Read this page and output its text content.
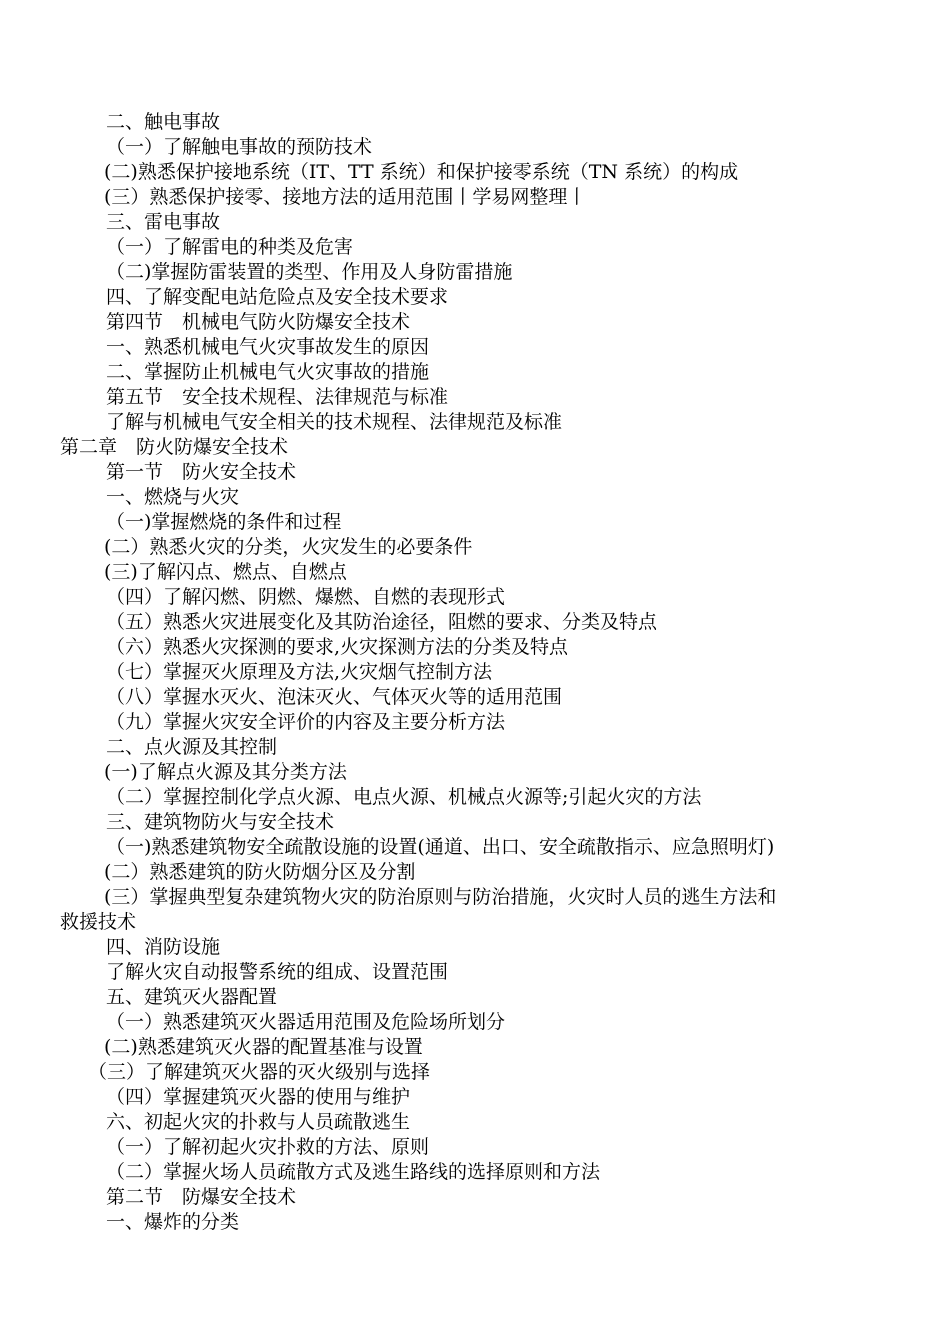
二、触电事故
（一）了解触电事故的预防技术
(二)熟悉保护接地系统（IT、TT 系统）和保护接零系统（TN 系统）的构成
(三）熟悉保护接零、接地方法的适用范围丨学易网整理丨
三、雷电事故
（一）了解雷电的种类及危害
（二)掌握防雷装置的类型、作用及人身防雷措施
四、了解变配电站危险点及安全技术要求
第四节　机械电气防火防爆安全技术
一、熟悉机械电气火灾事故发生的原因
二、掌握防止机械电气火灾事故的措施
第五节　安全技术规程、法律规范与标准
了解与机械电气安全相关的技术规程、法律规范及标准
第二章　防火防爆安全技术
第一节　防火安全技术
一、燃烧与火灾
（一)掌握燃烧的条件和过程
(二）熟悉火灾的分类，火灾发生的必要条件
(三)了解闪点、燃点、自燃点
（四）了解闪燃、阴燃、爆燃、自燃的表现形式
（五）熟悉火灾进展变化及其防治途径，阻燃的要求、分类及特点
（六）熟悉火灾探测的要求,火灾探测方法的分类及特点
（七）掌握灭火原理及方法,火灾烟气控制方法
（八）掌握水灭火、泡沫灭火、气体灭火等的适用范围
（九）掌握火灾安全评价的内容及主要分析方法
二、点火源及其控制
(一)了解点火源及其分类方法
（二）掌握控制化学点火源、电点火源、机械点火源等;引起火灾的方法
三、建筑物防火与安全技术
（一)熟悉建筑物安全疏散设施的设置(通道、出口、安全疏散指示、应急照明灯)
(二）熟悉建筑的防火防烟分区及分割
(三）掌握典型复杂建筑物火灾的防治原则与防治措施，火灾时人员的逃生方法和
救援技术
四、消防设施
了解火灾自动报警系统的组成、设置范围
五、建筑灭火器配置
（一）熟悉建筑灭火器适用范围及危险场所划分
(二)熟悉建筑灭火器的配置基准与设置
（三）了解建筑灭火器的灭火级别与选择
（四）掌握建筑灭火器的使用与维护
六、初起火灾的扑救与人员疏散逃生
（一）了解初起火灾扑救的方法、原则
（二）掌握火场人员疏散方式及逃生路线的选择原则和方法
第二节　防爆安全技术
一、爆炸的分类
